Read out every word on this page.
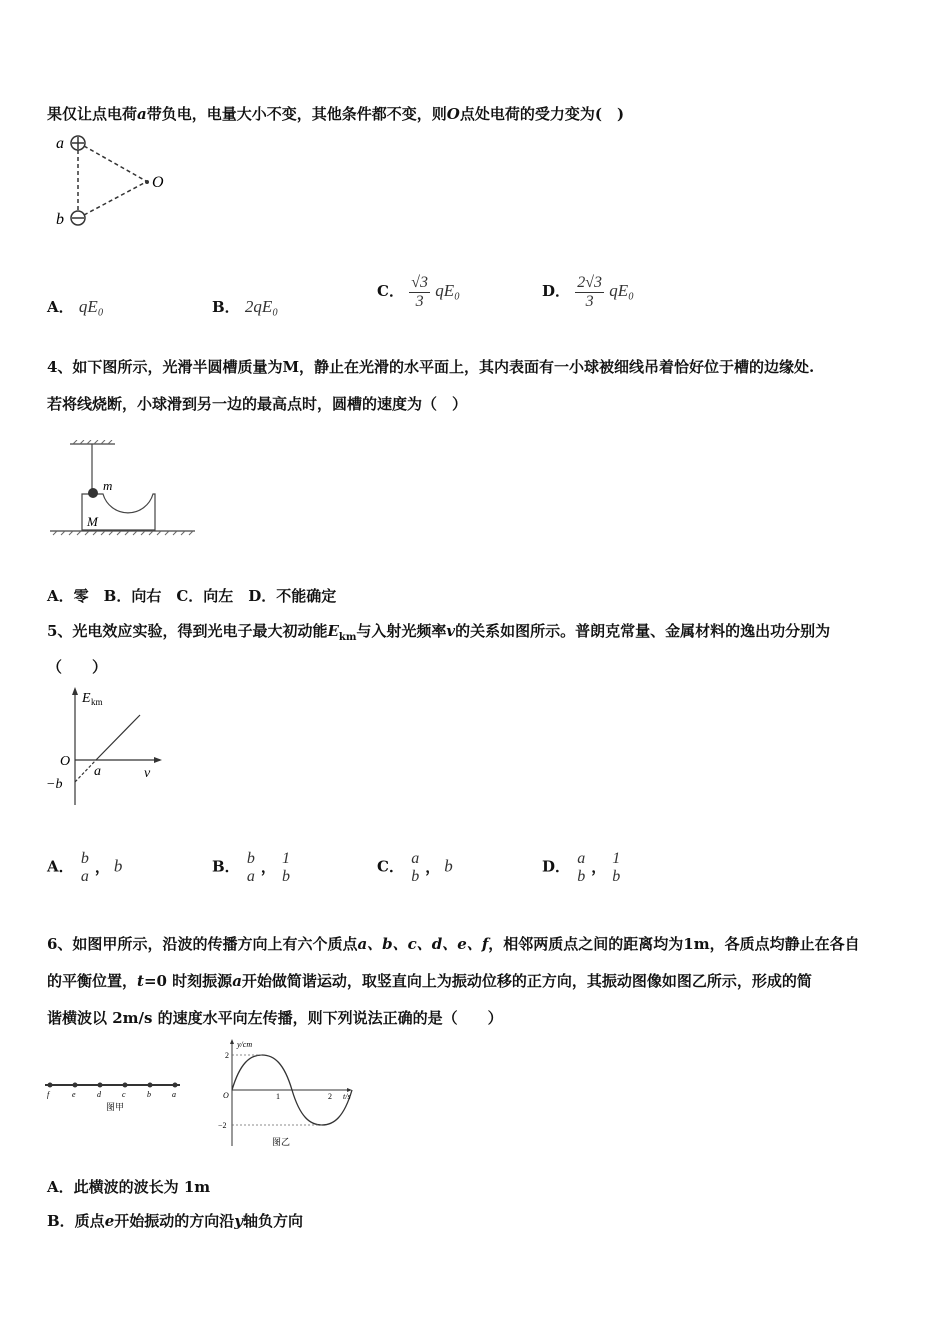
果仅让点电荷a带负电，电量大小不变，其他条件都不变，则O点处电荷的受力变为(　)
a
b
O
A． qE₀	B． 2qE₀
C． $\frac{√3}{3} qE_0$	D． $\frac{2√3}{3} qE_0$
4、如下图所示，光滑半圆槽质量为M，静止在光滑的水平面上，其内表面有一小球被细线吊着恰好位于槽的边缘处.
若将线烧断，小球滑到另一边的最高点时，圆槽的速度为（　）
m
M
A．零　B．向右　C．向左　D．不能确定
5、光电效应实验，得到光电子最大初动能$E_{km}$与入射光频率v的关系如图所示。普朗克常量、金属材料的逸出功分别为
（　　）
E km
O
−b
a	v
A． b
a
， b	B． b
a
， 1
b
C． a
b
， b	D． a
b
， 1
b
6、如图甲所示，沿波的传播方向上有六个质点a、b、c、d、e、f，相邻两质点之间的距离均为1m，各质点均静止在各自
的平衡位置，t=0 时刻振源a开始做简谐运动，取竖直向上为振动位移的正方向，其振动图像如图乙所示，形成的简
谐横波以 2m/s 的速度水平向左传播，则下列说法正确的是（　　）
f	e	d	c	b	a
图甲
2
−2
O	1	2
y/cm
t/s
图乙
A．此横波的波长为 1m
B．质点e开始振动的方向沿y轴负方向
